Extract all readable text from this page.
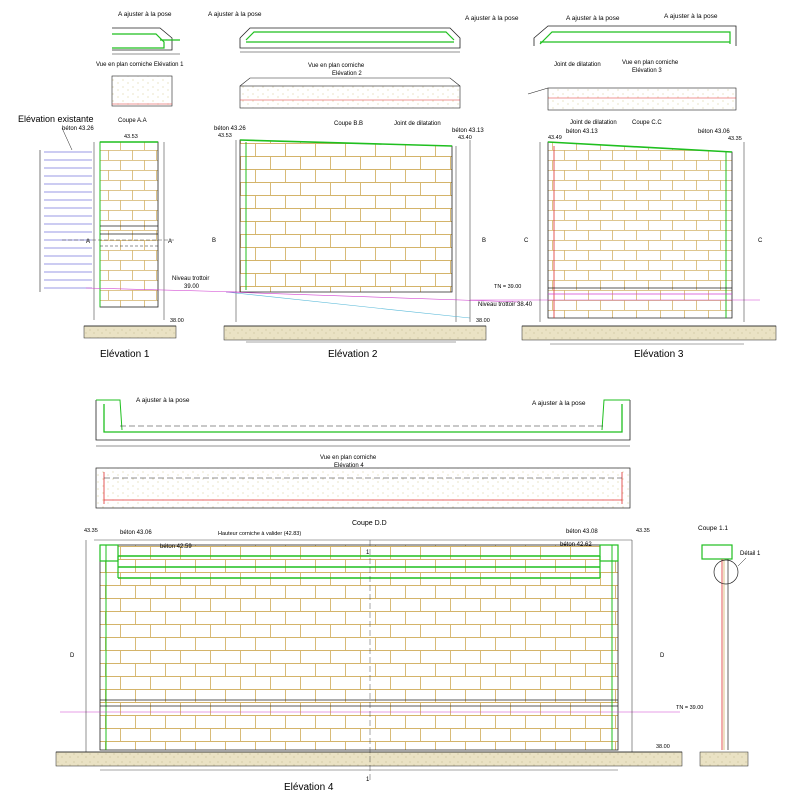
A ajuster à la pose
Vue en plan corniche Elévation 1
Coupe A.A
A ajuster à la pose
A ajuster à la pose
Vue en plan corniche
Elévation 2
Coupe B.B	Joint de dilatation
A ajuster à la pose	A ajuster à la pose
Joint de dilatation	Vue en plan corniche
Elévation 3
Joint de dilatation	Coupe C.C
Elévation existante
béton 43.26
43.53
A	A
Niveau trottoir
39.00
38.00
Elévation 1
béton 43.26
43.53
béton 43.13
43.40
B	B
TN = 39.00
Niveau trottoir 38.40
38.00
Elévation 2
43.49
béton 43.13	béton 43.06
43.35
C	C
Elévation 3
A ajuster à la pose	A ajuster à la pose
Vue en plan corniche
Elévation 4
Coupe D.D
43.35	béton 43.06
béton 42.59
Hauteur corniche à valider (42.83)	béton 43.08
béton 42.62
43.35
D	D
1
1
TN = 39.00
38.00
Elévation 4
Coupe 1.1
Détail 1
